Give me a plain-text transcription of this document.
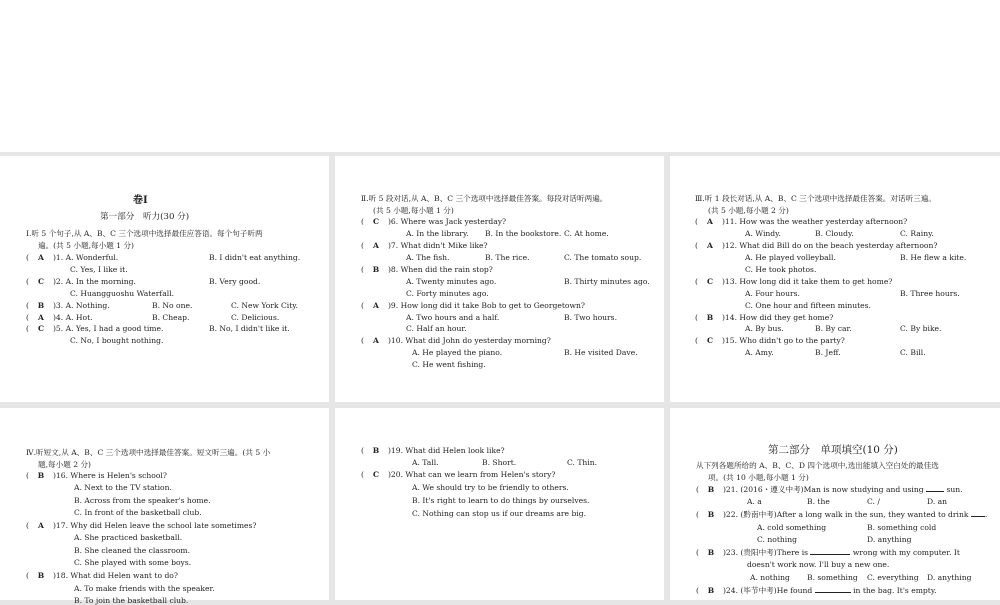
卷Ⅰ
第一部分　听力(30 分)
Ⅰ.听 5 个句子,从 A、B、C 三个选项中选择最佳应答语。每个句子听两
遍。(共 5 小题,每小题 1 分)
( A )1. A. Wonderful.	B. I didn't eat anything.
C. Yes, I like it.
( C )2. A. In the morning.	B. Very good.
C. Huangguoshu Waterfall.
( B )3. A. Nothing.	B. No one.	C. New York City.
( A )4. A. Hot.	B. Cheap.	C. Delicious.
( C )5. A. Yes, I had a good time.	B. No, I didn't like it.
C. No, I bought nothing.
Ⅱ.听 5 段对话,从 A、B、C 三个选项中选择最佳答案。每段对话听两遍。
(共 5 小题,每小题 1 分)
( C )6. Where was Jack yesterday?
A. In the library. B. In the bookstore. C. At home.
( A )7. What didn't Mike like?
A. The fish.	B. The rice.	C. The tomato soup.
( B )8. When did the rain stop?
A. Twenty minutes ago.	B. Thirty minutes ago.
C. Forty minutes ago.
( A )9. How long did it take Bob to get to Georgetown?
A. Two hours and a half.	B. Two hours.
C. Half an hour.
( A )10. What did John do yesterday morning?
A. He played the piano.	B. He visited Dave.
C. He went fishing.
Ⅲ.听 1 段长对话,从 A、B、C 三个选项中选择最佳答案。对话听三遍。
(共 5 小题,每小题 2 分)
( A )11. How was the weather yesterday afternoon?
A. Windy.	B. Cloudy.	C. Rainy.
( A )12. What did Bill do on the beach yesterday afternoon?
A. He played volleyball.	B. He flew a kite.
C. He took photos.
( C )13. How long did it take them to get home?
A. Four hours.	B. Three hours.
C. One hour and fifteen minutes.
( B )14. How did they get home?
A. By bus.	B. By car.	C. By bike.
( C )15. Who didn't go to the party?
A. Amy.	B. Jeff.	C. Bill.
Ⅳ.听短文,从 A、B、C 三个选项中选择最佳答案。短文听三遍。(共 5 小
题,每小题 2 分)
( B )16. Where is Helen's school?
A. Next to the TV station.
B. Across from the speaker's home.
C. In front of the basketball club.
( A )17. Why did Helen leave the school late sometimes?
A. She practiced basketball.
B. She cleaned the classroom.
C. She played with some boys.
( B )18. What did Helen want to do?
A. To make friends with the speaker.
B. To join the basketball club.
( B )19. What did Helen look like?
A. Tall.	B. Short.	C. Thin.
( C )20. What can we learn from Helen's story?
A. We should try to be friendly to others.
B. It's right to learn to do things by ourselves.
C. Nothing can stop us if our dreams are big.
第二部分　单项填空(10 分)
从下列各题所给的 A、B、C、D 四个选项中,选出能填入空白处的最佳选
项。(共 10 小题,每小题 1 分)
( B )21. (2016・遵义中考)Man is now studying and using	sun.
A. a	B. the	C. /	D. an
( B )22. (黔南中考)After a long walk in the sun, they wanted to drink .
A. cold something	B. something cold
C. nothing	D. anything
( B )23. (贵阳中考)There is	wrong with my computer. It
doesn't work now. I'll buy a new one.
A. nothing B. something C. everything D. anything
( B )24. (毕节中考)He found	in the bag. It's empty.
